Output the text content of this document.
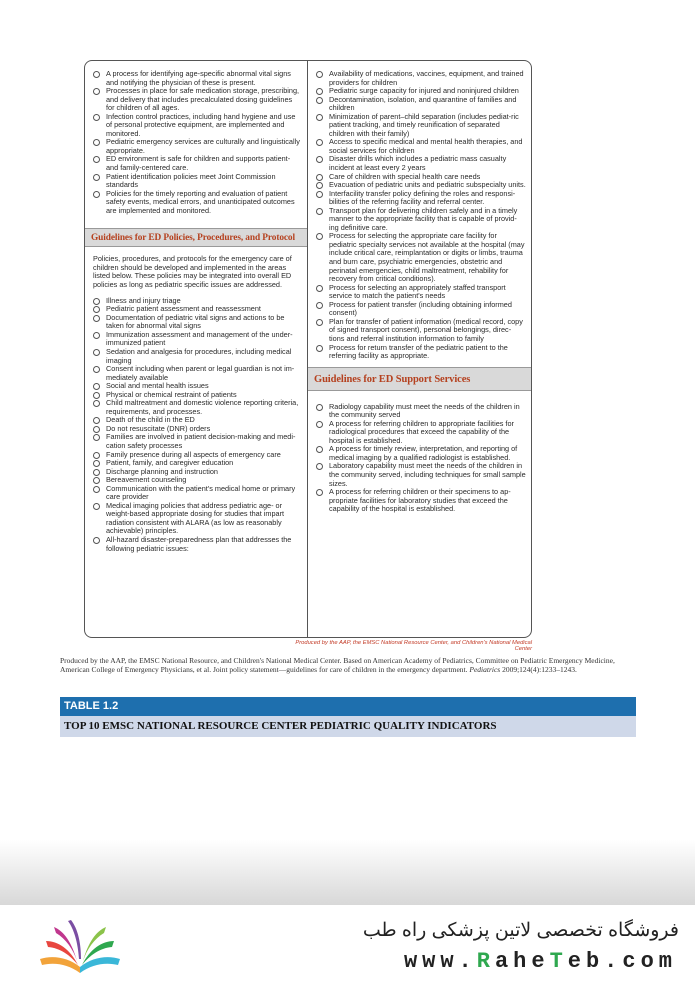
A process for identifying age-specific abnormal vital signs and notifying the physician of these is present.
Processes in place for safe medication storage, prescribing, and delivery that includes precalculated dosing guidelines for children of all ages.
Infection control practices, including hand hygiene and use of personal protective equipment, are implemented and monitored.
Pediatric emergency services are culturally and linguistically appropriate.
ED environment is safe for children and supports patient- and family-centered care.
Patient identification policies meet Joint Commission standards
Policies for the timely reporting and evaluation of patient safety events, medical errors, and unanticipated outcomes are implemented and monitored.
Guidelines for ED Policies, Procedures, and Protocol

Policies, procedures, and protocols for the emergency care of children should be developed and implemented in the areas listed below. These policies may be integrated into overall ED policies as long as pediatric specific issues are addressed.

Illness and injury triage
Pediatric patient assessment and reassessment
Documentation of pediatric vital signs and actions to be taken for abnormal vital signs
Immunization assessment and management of the under-immunized patient
Sedation and analgesia for procedures, including medical imaging
Consent including when parent or legal guardian is not im-mediately available
Social and mental health issues
Physical or chemical restraint of patients
Child maltreatment and domestic violence reporting criteria, requirements, and processes.
Death of the child in the ED
Do not resuscitate (DNR) orders
Families are involved in patient decision-making and medi-cation safety processes
Family presence during all aspects of emergency care
Patient, family, and caregiver education
Discharge planning and instruction
Bereavement counseling
Communication with the patient's medical home or primary care provider
Medical imaging policies that address pediatric age- or weight-based appropriate dosing for studies that impart radiation consistent with ALARA (as low as reasonably achievable) principles.
All-hazard disaster-preparedness plan that addresses the following pediatric issues:
Availability of medications, vaccines, equipment, and trained providers for children
Pediatric surge capacity for injured and noninjured children
Decontamination, isolation, and quarantine of families and children
Minimization of parent–child separation (includes pediat-ric patient tracking, and timely reunification of separated children with their family)
Access to specific medical and mental health therapies, and social services for children
Disaster drills which includes a pediatric mass casualty incident at least every 2 years
Care of children with special health care needs
Evacuation of pediatric units and pediatric subspecialty units.
Interfacility transfer policy defining the roles and responsi-bilities of the referring facility and referral center.
Transport plan for delivering children safely and in a timely manner to the appropriate facility that is capable of provid-ing definitive care.
Process for selecting the appropriate care facility for pediatric specialty services not available at the hospital (may include critical care, reimplantation or digits or limbs, trauma and burn care, psychiatric emergencies, obstetric and perinatal emergencies, child maltreatment, rehability for recovery from critical conditions).
Process for selecting an appropriately staffed transport service to match the patient's needs
Process for patient transfer (including obtaining informed consent)
Plan for transfer of patient information (medical record, copy of signed transport consent), personal belongings, direc-tions and referral institution information to family
Process for return transfer of the pediatric patient to the referring facility as appropriate.
Guidelines for ED Support Services
Radiology capability must meet the needs of the children in the community served
A process for referring children to appropriate facilities for radiological procedures that exceed the capability of the hospital is established.
A process for timely review, interpretation, and reporting of medical imaging by a qualified radiologist is established.
Laboratory capability must meet the needs of the children in the community served, including techniques for small sample sizes.
A process for referring children or their specimens to ap-propriate facilities for laboratory studies that exceed the capability of the hospital is established.
Produced by the AAP, the EMSC National Resource Center, and Children's National Medical Center

Produced by the AAP, the EMSC National Resource, and Children's National Medical Center. Based on American Academy of Pediatrics, Committee on Pediatric Emergency Medicine, American College of Emergency Physicians, et al. Joint policy statement—guidelines for care of children in the emergency department. Pediatrics 2009;124(4):1233–1243.

TABLE 1.2
TOP 10 EMSC NATIONAL RESOURCE CENTER PEDIATRIC QUALITY INDICATORS
فروشگاه تخصصی لاتین پزشکی راه طب
www.RaheTeb.com
